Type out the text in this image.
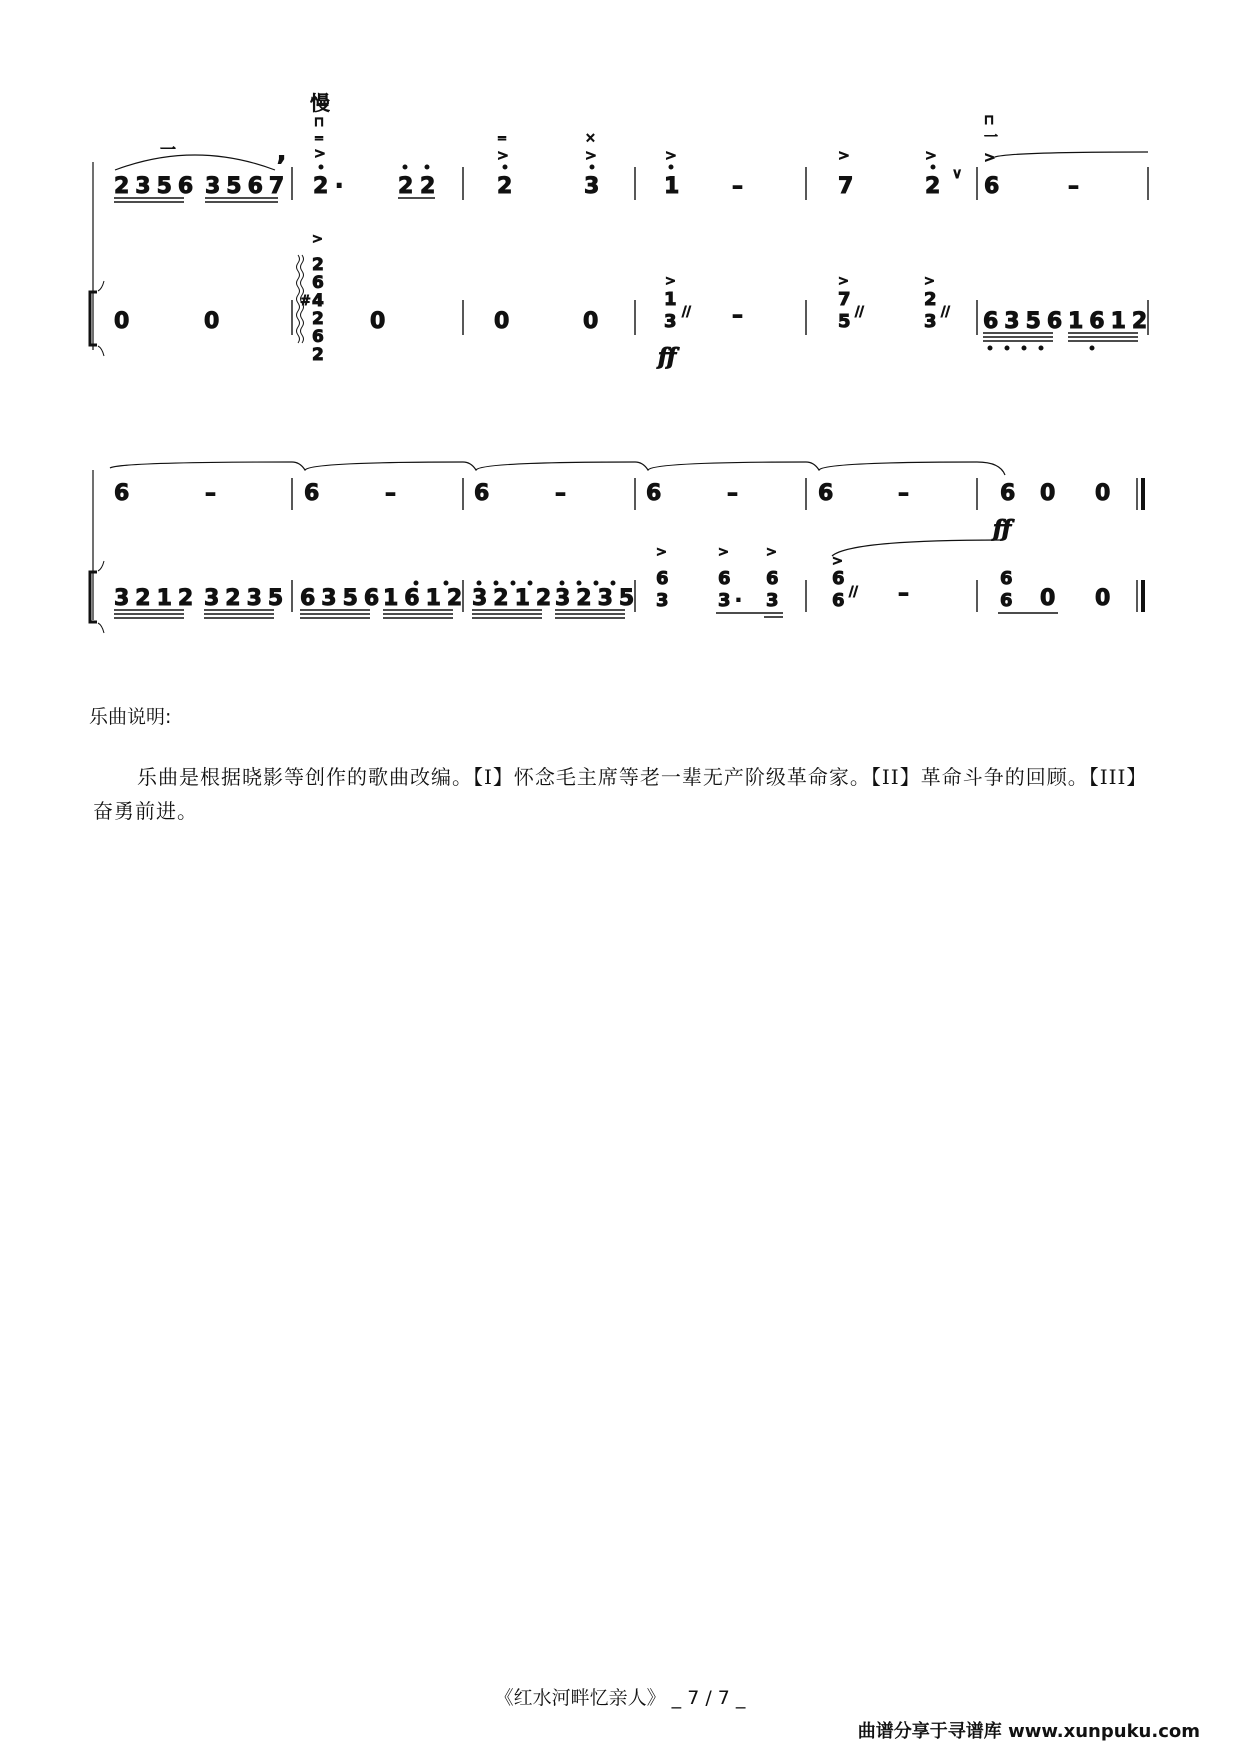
慢
一	,
2356 3567
⊓
=
>
2 · 2 2
=
>
2
×
>
3
>
1 –
>
7
>
2 ∨
⊓
一
>
6	–
0	0
>
2
6
4
2
6
2
#
0	0	0
>
1
3 // –
ff
>
7
5
2
3
>
//	// 6356 1612
6	–	6	–	6	–	6	–	6	–	6 0 0
ff
3212 3235 6356
1612 3212
3235
>
6
3
>
6
3 ·
>
6
3
>
6
6 // –
6
6 0 0
乐曲说明:
乐曲是根据晓影等创作的歌曲改编。【I】怀念毛主席等老一辈无产阶级革命家。【II】革命斗争的回顾。【III】奋勇前进。
《红水河畔忆亲人》 _ 7 / 7 _
曲谱分享于寻谱库 www.xunpuku.com
